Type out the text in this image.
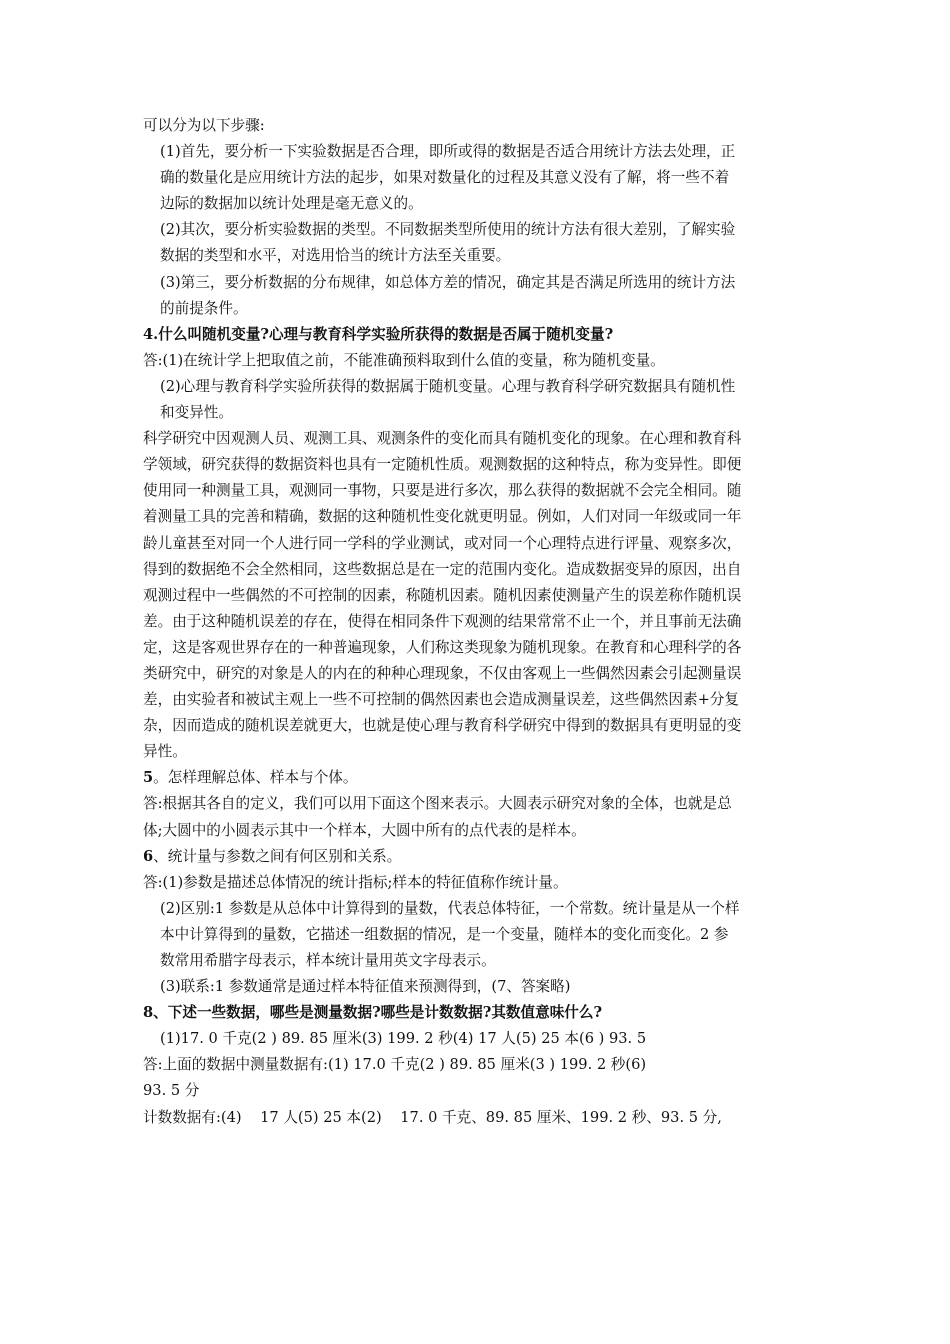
可以分为以下步骤:

(1)首先，要分析一下实验数据是否合理，即所或得的数据是否适合用统计方法去处理，正确的数量化是应用统计方法的起步，如果对数量化的过程及其意义没有了解，将一些不着边际的数据加以统计处理是毫无意义的。

(2)其次，要分析实验数据的类型。不同数据类型所使用的统计方法有很大差别，了解实验数据的类型和水平，对选用恰当的统计方法至关重要。

(3)第三，要分析数据的分布规律，如总体方差的情况，确定其是否满足所选用的统计方法的前提条件。

4.什么叫随机变量?心理与教育科学实验所获得的数据是否属于随机变量?

答:(1)在统计学上把取值之前，不能准确预料取到什么值的变量，称为随机变量。

(2)心理与教育科学实验所获得的数据属于随机变量。心理与教育科学研究数据具有随机性和变异性。

科学研究中因观测人员、观测工具、观测条件的变化而具有随机变化的现象。在心理和教育科学领域，研究获得的数据资料也具有一定随机性质。观测数据的这种特点，称为变异性。即便使用同一种测量工具，观测同一事物，只要是进行多次，那么获得的数据就不会完全相同。随着测量工具的完善和精确，数据的这种随机性变化就更明显。例如，人们对同一年级或同一年龄儿童甚至对同一个人进行同一学科的学业测试，或对同一个心理特点进行评量、观察多次，得到的数据绝不会全然相同，这些数据总是在一定的范围内变化。造成数据变异的原因，出自观测过程中一些偶然的不可控制的因素，称随机因素。随机因素使测量产生的误差称作随机误差。由于这种随机误差的存在，使得在相同条件下观测的结果常常不止一个，并且事前无法确定，这是客观世界存在的一种普遍现象，人们称这类现象为随机现象。在教育和心理科学的各类研究中，研究的对象是人的内在的种种心理现象，不仅由客观上一些偶然因素会引起测量误差，由实验者和被试主观上一些不可控制的偶然因素也会造成测量误差，这些偶然因素+分复杂，因而造成的随机误差就更大，也就是使心理与教育科学研究中得到的数据具有更明显的变异性。

5。怎样理解总体、样本与个体。

答:根据其各自的定义，我们可以用下面这个图来表示。大圆表示研究对象的全体，也就是总体;大圆中的小圆表示其中一个样本，大圆中所有的点代表的是样本。

6、统计量与参数之间有何区别和关系。

答:(1)参数是描述总体情况的统计指标;样本的特征值称作统计量。

(2)区别:1 参数是从总体中计算得到的量数，代表总体特征，一个常数。统计量是从一个样本中计算得到的量数，它描述一组数据的情况，是一个变量，随样本的变化而变化。2 参数常用希腊字母表示，样本统计量用英文字母表示。

(3)联系:1 参数通常是通过样本特征值来预测得到，(7、答案略)

8、下述一些数据，哪些是测量数据?哪些是计数数据?其数值意味什么?

(1)17. 0 千克(2 ) 89. 85 厘米(3) 199. 2 秒(4) 17 人(5) 25 本(6 ) 93. 5

答:上面的数据中测量数据有:(1) 17.0 千克(2 ) 89. 85 厘米(3 ) 199. 2 秒(6)

93. 5 分

计数数据有:(4)    17 人(5) 25 本(2)    17. 0 千克、89. 85 厘米、199. 2 秒、93. 5 分,
